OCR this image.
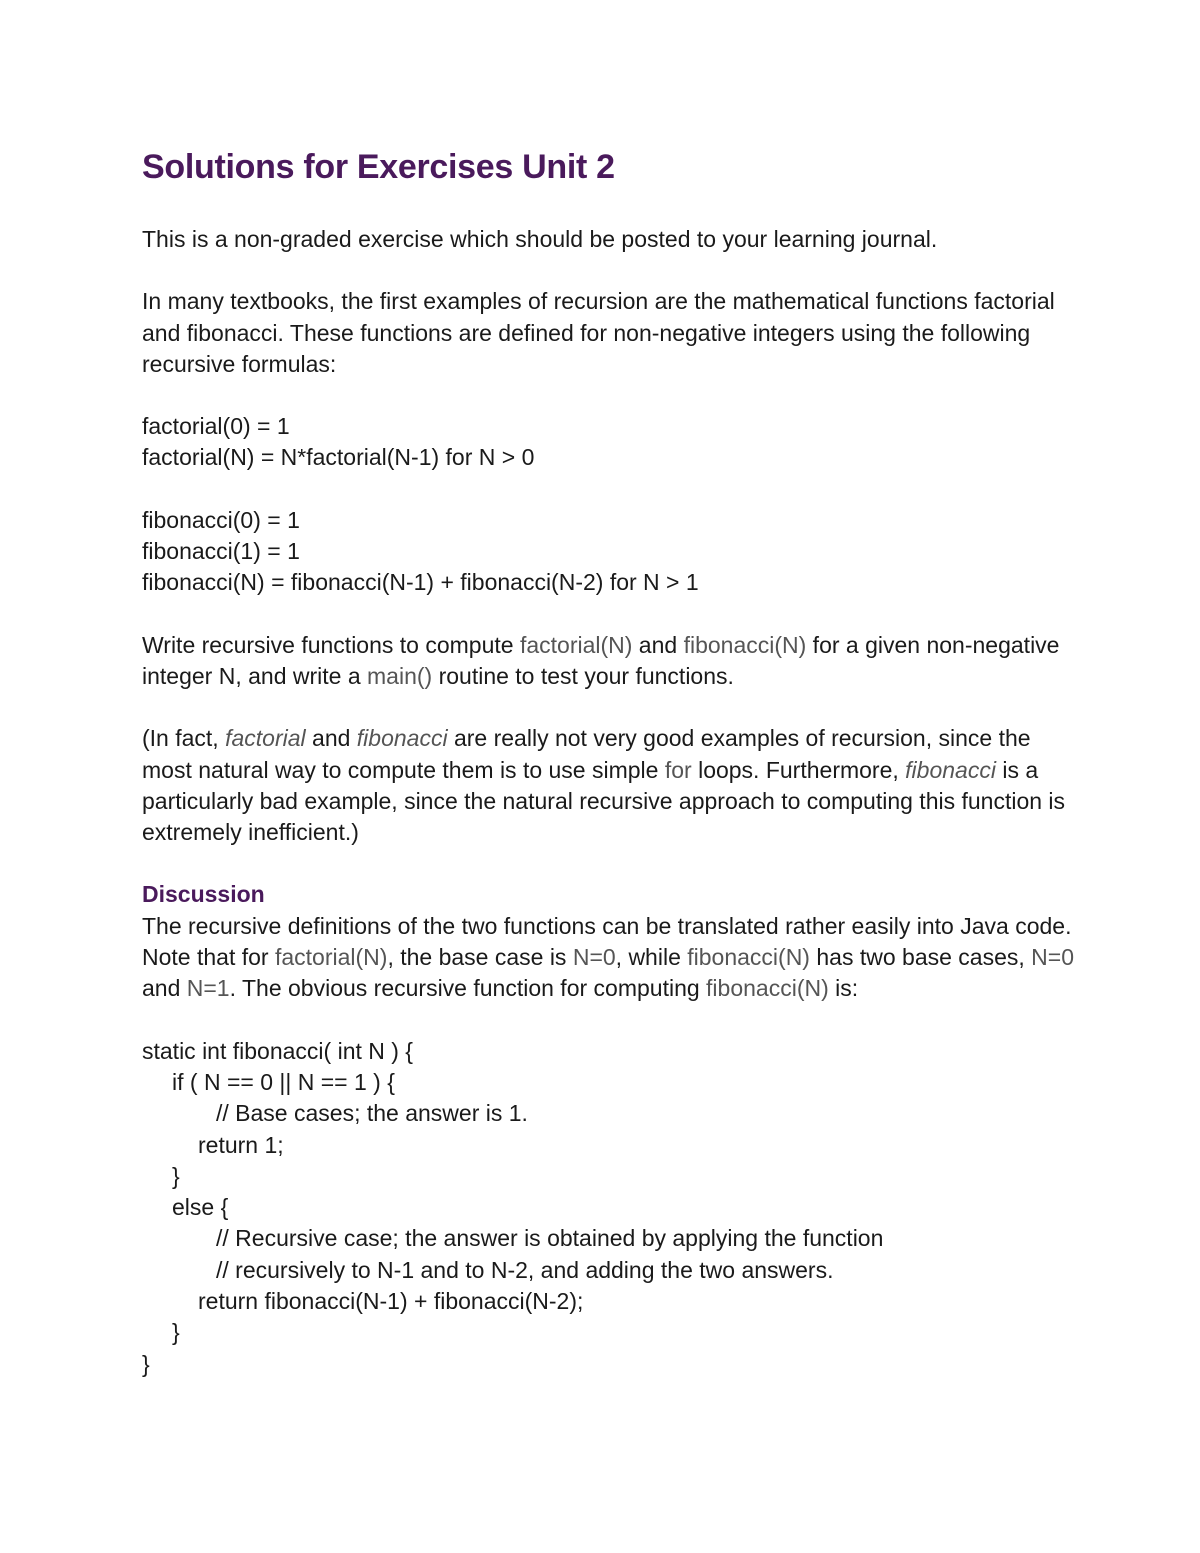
Solutions for Exercises Unit 2

This is a non-graded exercise which should be posted to your learning journal.

In many textbooks, the first examples of recursion are the mathematical functions factorial and fibonacci. These functions are defined for non-negative integers using the following recursive formulas:

factorial(0) = 1
factorial(N) = N*factorial(N-1) for N > 0
fibonacci(0) = 1
fibonacci(1) = 1
fibonacci(N) = fibonacci(N-1) + fibonacci(N-2) for N > 1

Write recursive functions to compute factorial(N) and fibonacci(N) for a given non-negative integer N, and write a main() routine to test your functions.

(In fact, factorial and fibonacci are really not very good examples of recursion, since the most natural way to compute them is to use simple for loops. Furthermore, fibonacci is a particularly bad example, since the natural recursive approach to computing this function is extremely inefficient.)

Discussion

The recursive definitions of the two functions can be translated rather easily into Java code. Note that for factorial(N), the base case is N=0, while fibonacci(N) has two base cases, N=0 and N=1. The obvious recursive function for computing fibonacci(N) is:

static int fibonacci( int N ) {
if ( N == 0 || N == 1 ) {
// Base cases; the answer is 1.
return 1;
}
else {
// Recursive case; the answer is obtained by applying the function
// recursively to N-1 and to N-2, and adding the two answers.
return fibonacci(N-1) + fibonacci(N-2);
}
}
